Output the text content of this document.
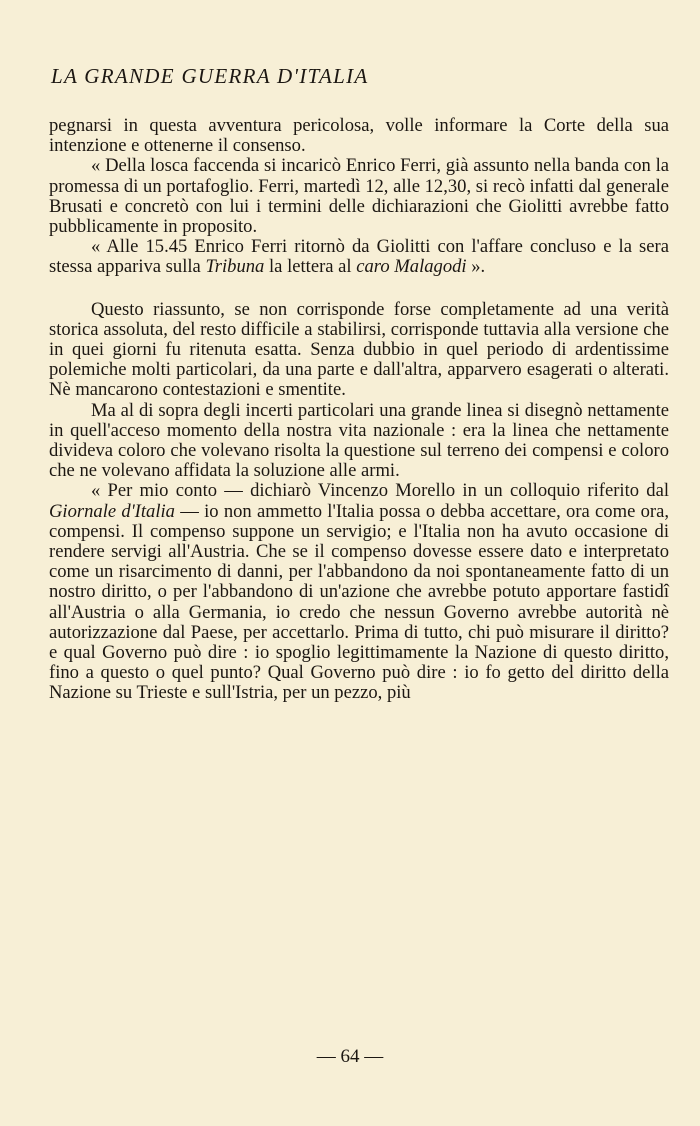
LA GRANDE GUERRA D'ITALIA

pegnarsi in questa avventura pericolosa, volle informare la Corte della sua intenzione e ottenerne il consenso.

« Della losca faccenda si incaricò Enrico Ferri, già assunto nella banda con la promessa di un portafoglio. Ferri, martedì 12, alle 12,30, si recò infatti dal generale Brusati e concretò con lui i termini delle dichiarazioni che Giolitti avrebbe fatto pubblicamente in proposito.

« Alle 15.45 Enrico Ferri ritornò da Giolitti con l'affare concluso e la sera stessa appariva sulla Tribuna la lettera al caro Malagodi ».

Questo riassunto, se non corrisponde forse completamente ad una verità storica assoluta, del resto difficile a stabilirsi, corrisponde tuttavia alla versione che in quei giorni fu ritenuta esatta. Senza dubbio in quel periodo di ardentissime polemiche molti particolari, da una parte e dall'altra, apparvero esagerati o alterati. Nè mancarono contestazioni e smentite.

Ma al di sopra degli incerti particolari una grande linea si disegnò nettamente in quell'acceso momento della nostra vita nazionale : era la linea che nettamente divideva coloro che volevano risolta la questione sul terreno dei compensi e coloro che ne volevano affidata la soluzione alle armi.

« Per mio conto — dichiarò Vincenzo Morello in un colloquio riferito dal Giornale d'Italia — io non ammetto l'Italia possa o debba accettare, ora come ora, compensi. Il compenso suppone un servigio; e l'Italia non ha avuto occasione di rendere servigi all'Austria. Che se il compenso dovesse essere dato e interpretato come un risarcimento di danni, per l'abbandono da noi spontaneamente fatto di un nostro diritto, o per l'abbandono di un'azione che avrebbe potuto apportare fastidî all'Austria o alla Germania, io credo che nessun Governo avrebbe autorità nè autorizzazione dal Paese, per accettarlo. Prima di tutto, chi può misurare il diritto? e qual Governo può dire : io spoglio legittimamente la Nazione di questo diritto, fino a questo o quel punto? Qual Governo può dire : io fo getto del diritto della Nazione su Trieste e sull'Istria, per un pezzo, più

— 64 —
